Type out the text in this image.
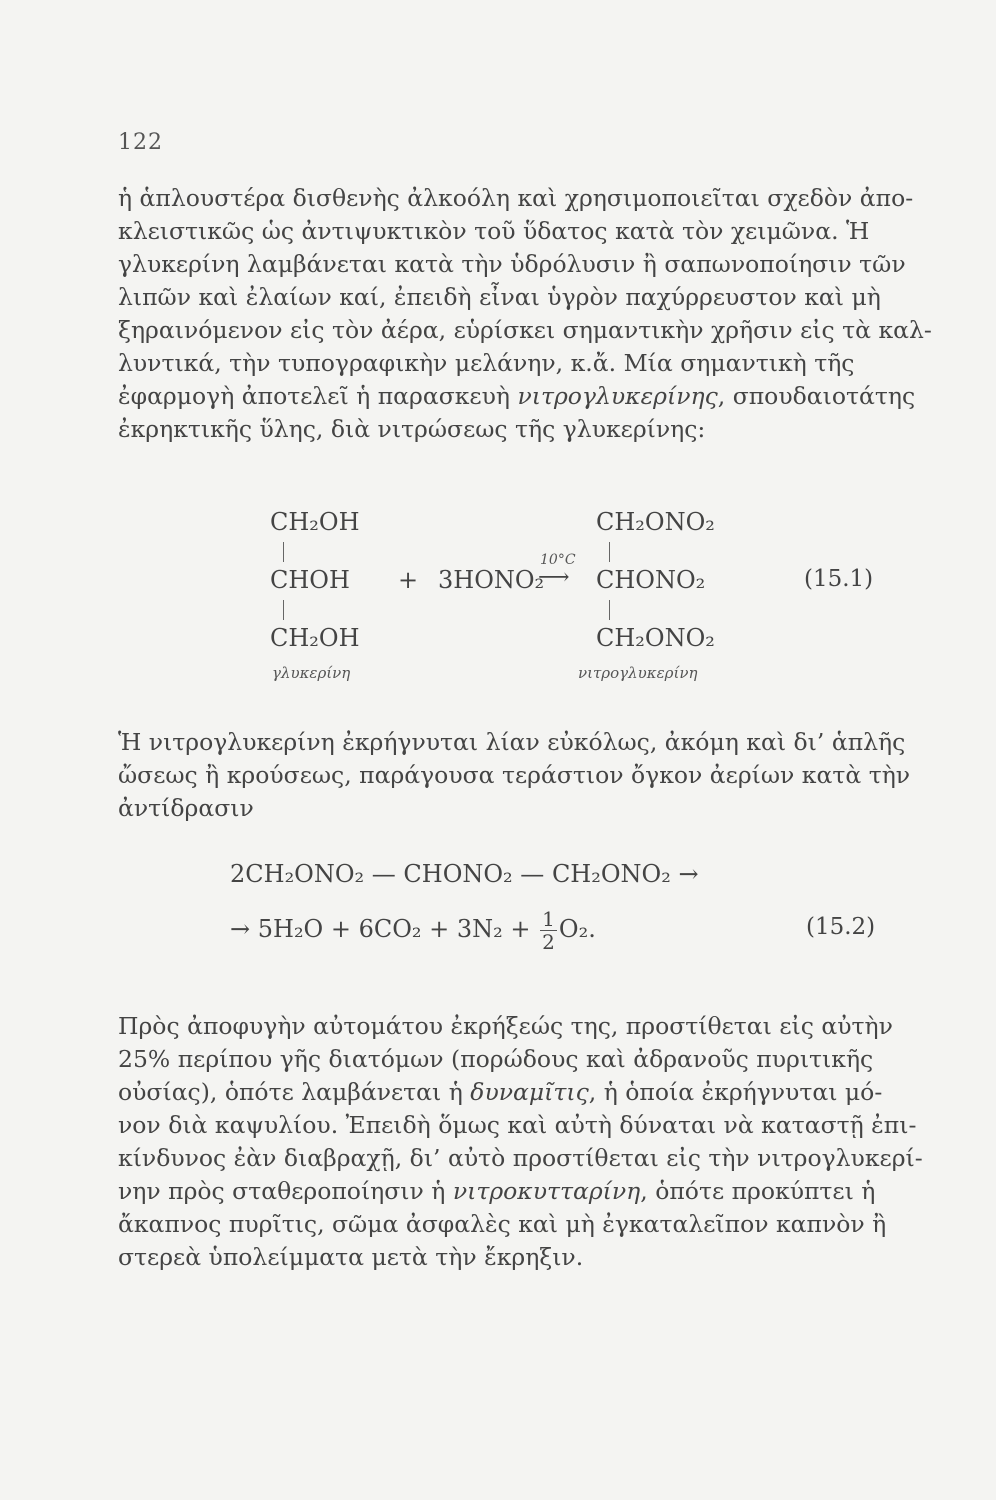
122
ἡ ἁπλουστέρα δισθενὴς ἀλκοόλη καὶ χρησιμοποιεῖται σχεδὸν ἀπο-
κλειστικῶς ὡς ἀντιψυκτικὸν τοῦ ὕδατος κατὰ τὸν χειμῶνα. Ἡ
γλυκερίνη λαμβάνεται κατὰ τὴν ὑδρόλυσιν ἢ σαπωνοποίησιν τῶν
λιπῶν καὶ ἐλαίων καί, ἐπειδὴ εἶναι ὑγρὸν παχύρρευστον καὶ μὴ
ξηραινόμενον εἰς τὸν ἀέρα, εὑρίσκει σημαντικὴν χρῆσιν εἰς τὰ καλ-
λυντικά, τὴν τυπογραφικὴν μελάνην, κ.ἄ. Μία σημαντικὴ τῆς
ἐφαρμογὴ ἀποτελεῖ ἡ παρασκευὴ νιτρογλυκερίνης, σπουδαιοτάτης
ἐκρηκτικῆς ὕλης, διὰ νιτρώσεως τῆς γλυκερίνης:
CH₂OH
CHOH + 3HONO₂
10°C
⟶
CH₂OH
γλυκερίνη
CH₂ONO₂
CHONO₂
CH₂ONO₂
νιτρογλυκερίνη
(15.1)
Ἡ νιτρογλυκερίνη ἐκρήγνυται λίαν εὐκόλως, ἀκόμη καὶ δι’ ἁπλῆς
ὤσεως ἢ κρούσεως, παράγουσα τεράστιον ὄγκον ἀερίων κατὰ τὴν
ἀντίδρασιν
2CH₂ONO₂ — CHONO₂ — CH₂ONO₂ →
→ $5H_2O + 6CO_2 + 3N_2 + \frac{1}{2} O_2$.	(15.2)
Πρὸς ἀποφυγὴν αὐτομάτου ἐκρήξεώς της, προστίθεται εἰς αὐτὴν
25% περίπου γῆς διατόμων (πορώδους καὶ ἀδρανοῦς πυριτικῆς
οὐσίας), ὁπότε λαμβάνεται ἡ δυναμῖτις, ἡ ὁποία ἐκρήγνυται μό-
νον διὰ καψυλίου. Ἐπειδὴ ὅμως καὶ αὐτὴ δύναται νὰ καταστῇ ἐπι-
κίνδυνος ἐὰν διαβραχῇ, δι’ αὐτὸ προστίθεται εἰς τὴν νιτρογλυκερί-
νην πρὸς σταθεροποίησιν ἡ νιτροκυτταρίνη, ὁπότε προκύπτει ἡ
ἄκαπνος πυρῖτις, σῶμα ἀσφαλὲς καὶ μὴ ἐγκαταλεῖπον καπνὸν ἢ
στερεὰ ὑπολείμματα μετὰ τὴν ἔκρηξιν.
